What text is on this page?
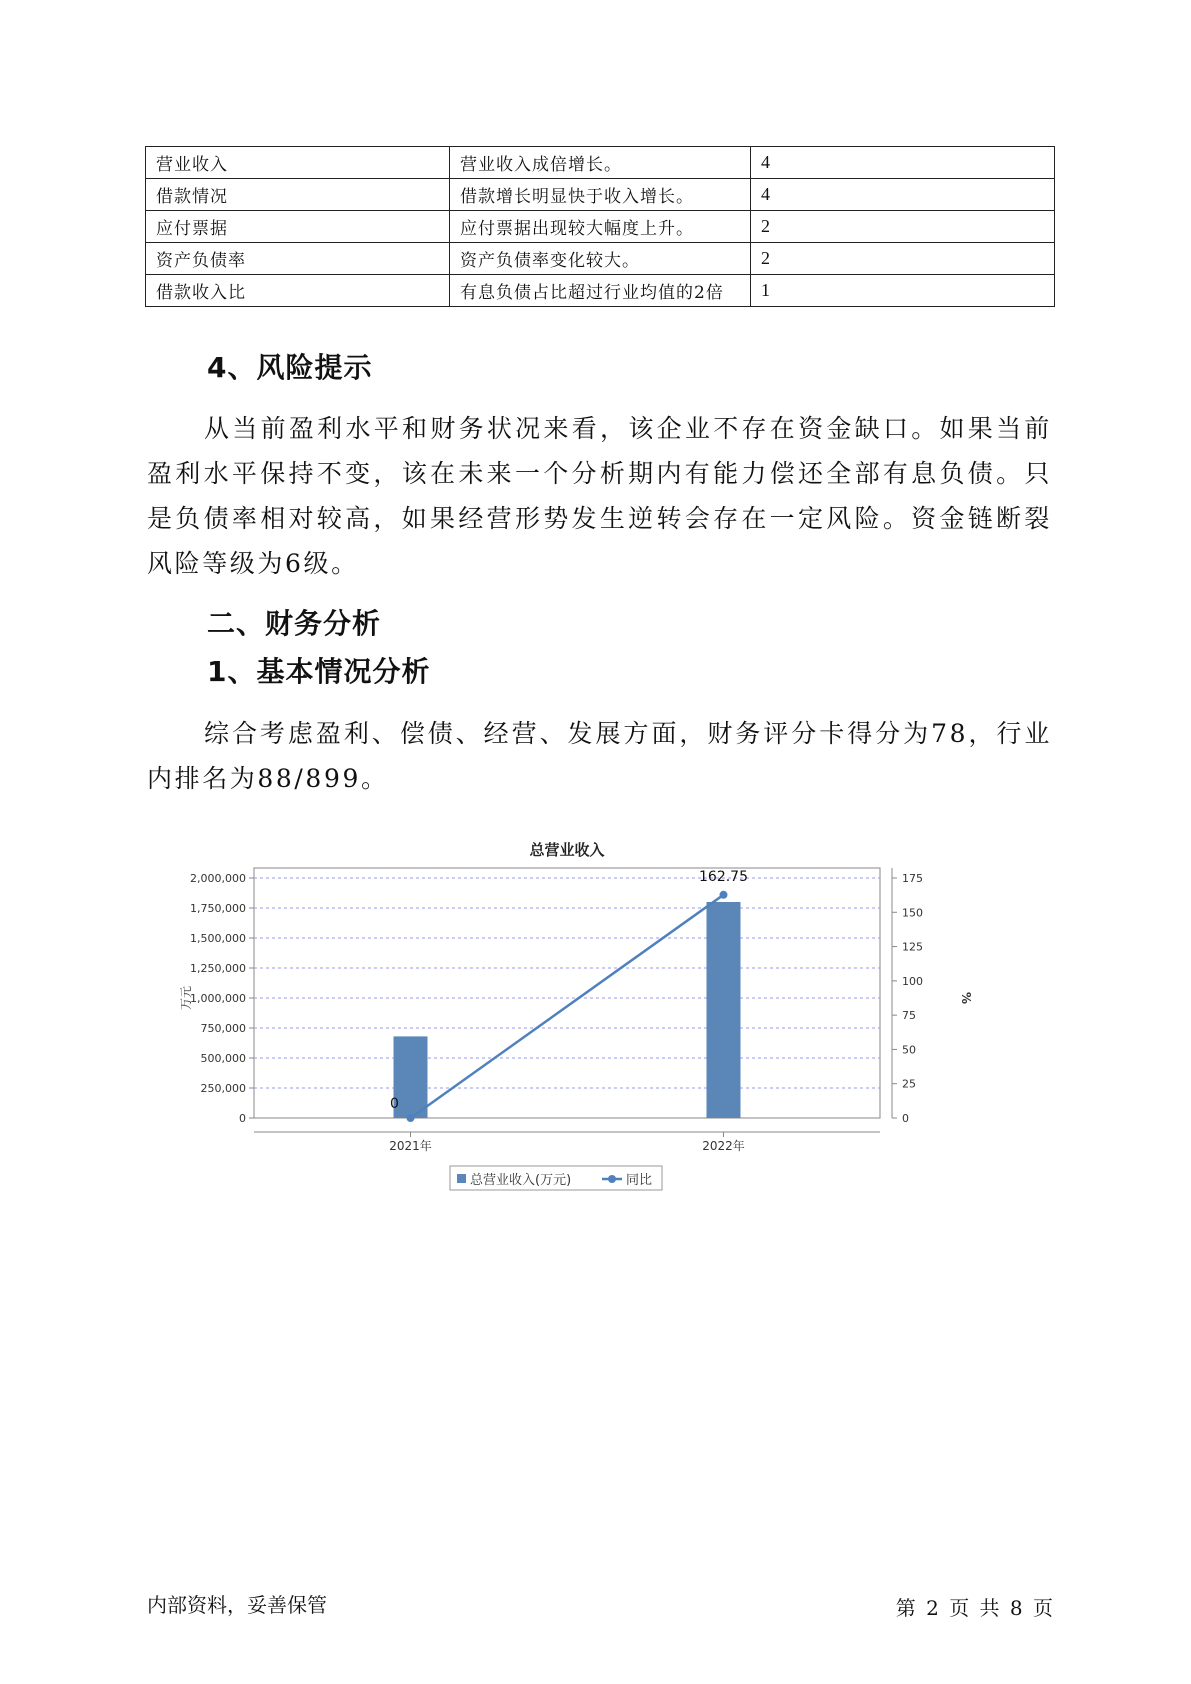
营业收入	营业收入成倍增长。	4
借款情况	借款增长明显快于收入增长。	4
应付票据	应付票据出现较大幅度上升。	2
资产负债率	资产负债率变化较大。	2
借款收入比	有息负债占比超过行业均值的2倍	1
4、风险提示

从当前盈利水平和财务状况来看，该企业不存在资金缺口。如果当前盈利水平保持不变，该在未来一个分析期内有能力偿还全部有息负债。只是负债率相对较高，如果经营形势发生逆转会存在一定风险。资金链断裂风险等级为6级。

二、财务分析
1、基本情况分析

综合考虑盈利、偿债、经营、发展方面，财务评分卡得分为78，行业内排名为88/899。

总营业收入
0
250,000
500,000
750,000
1,000,000
1,250,000
1,500,000
1,750,000
2,000,000
0
25
50
75
100
125
150
175
万元	%
2021年	2022年
0
162.75
总营业收入(万元)	同比
内部资料，妥善保管	第 2 页 共 8 页
